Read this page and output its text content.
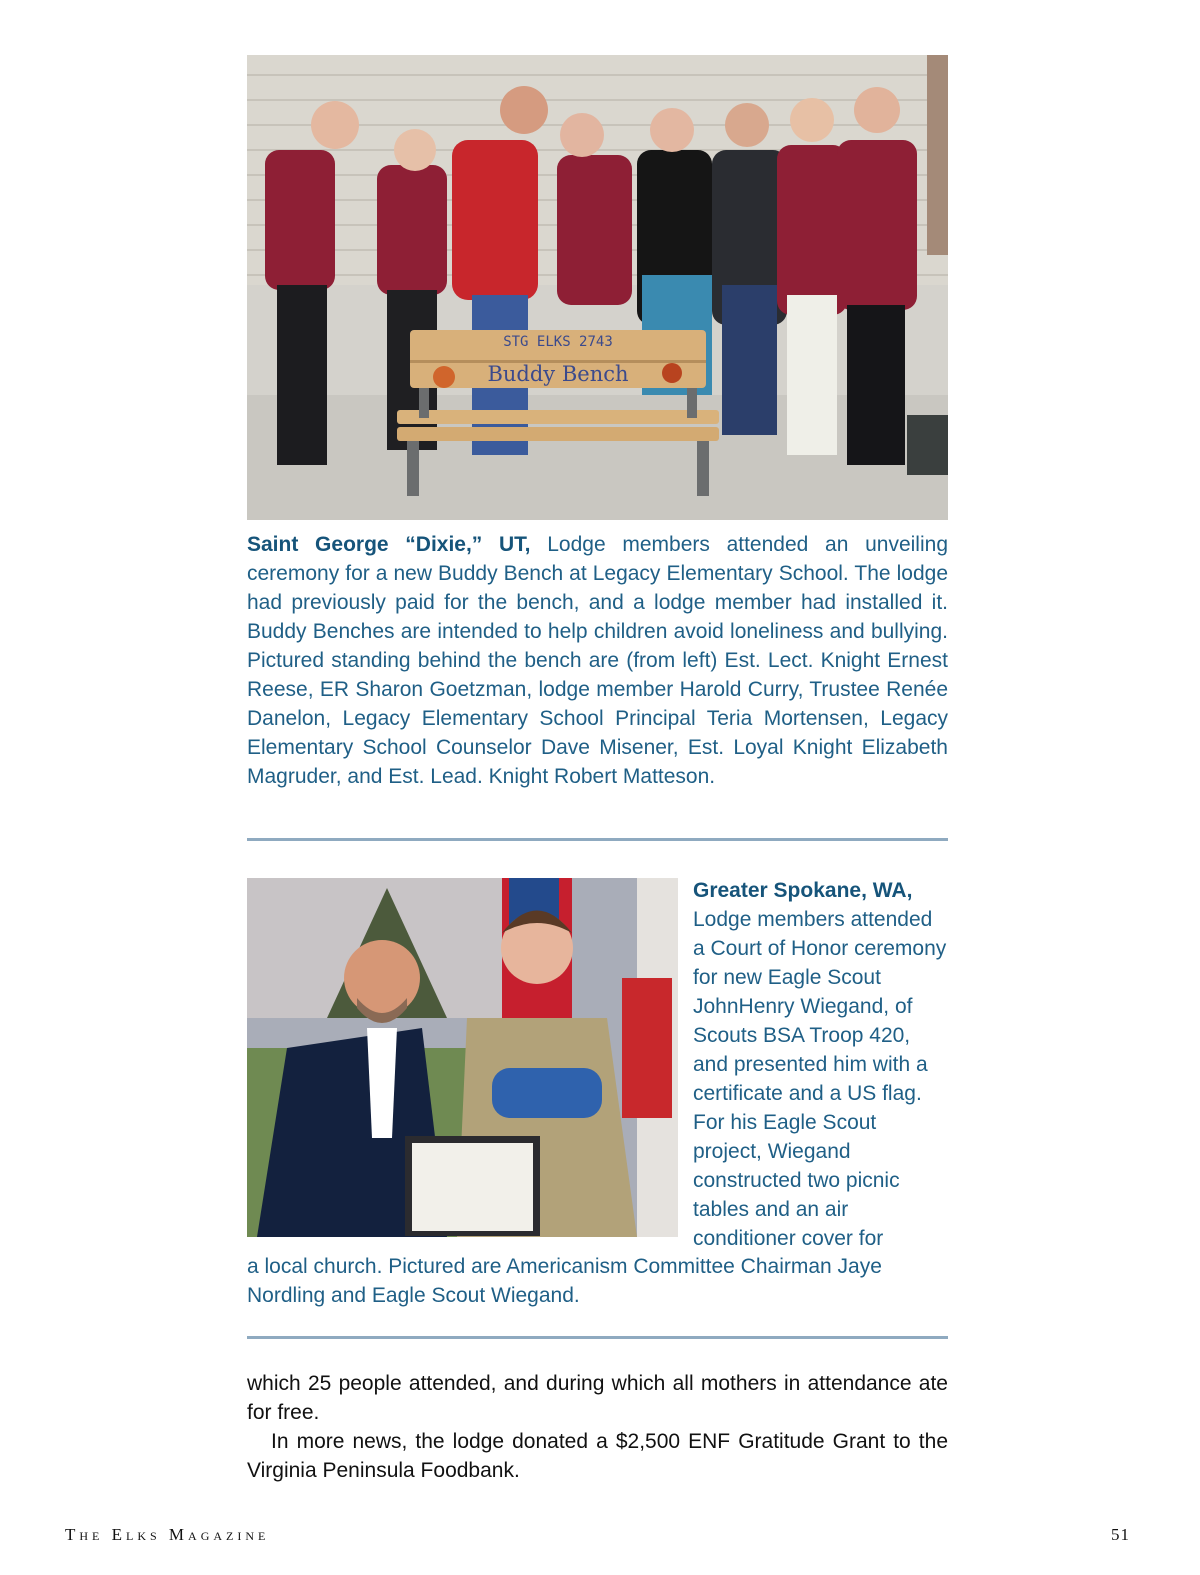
STG ELKS 2743
Buddy Bench

Saint George “Dixie,” UT, Lodge members attended an unveiling ceremony for a new Buddy Bench at Legacy Elementary School. The lodge had previously paid for the bench, and a lodge member had installed it. Buddy Benches are intended to help children avoid loneliness and bullying. Pictured standing behind the bench are (from left) Est. Lect. Knight Ernest Reese, ER Sharon Goetzman, lodge member Harold Curry, Trustee Renée Danelon, Legacy Elementary School Principal Teria Mortensen, Legacy Elementary School Counselor Dave Misener, Est. Loyal Knight Elizabeth Magruder, and Est. Lead. Knight Robert Matteson.

Greater Spokane, WA,
Lodge members attended a Court of Honor ceremony for new Eagle Scout JohnHenry Wiegand, of Scouts BSA Troop 420, and presented him with a certificate and a US flag. For his Eagle Scout project, Wiegand constructed two picnic tables and an air conditioner cover for

a local church. Pictured are Americanism Committee Chairman Jaye Nordling and Eagle Scout Wiegand.

which 25 people attended, and during which all mothers in attendance ate for free.

In more news, the lodge donated a $2,500 ENF Gratitude Grant to the Virginia Peninsula Foodbank.

The Elks Magazine	51
